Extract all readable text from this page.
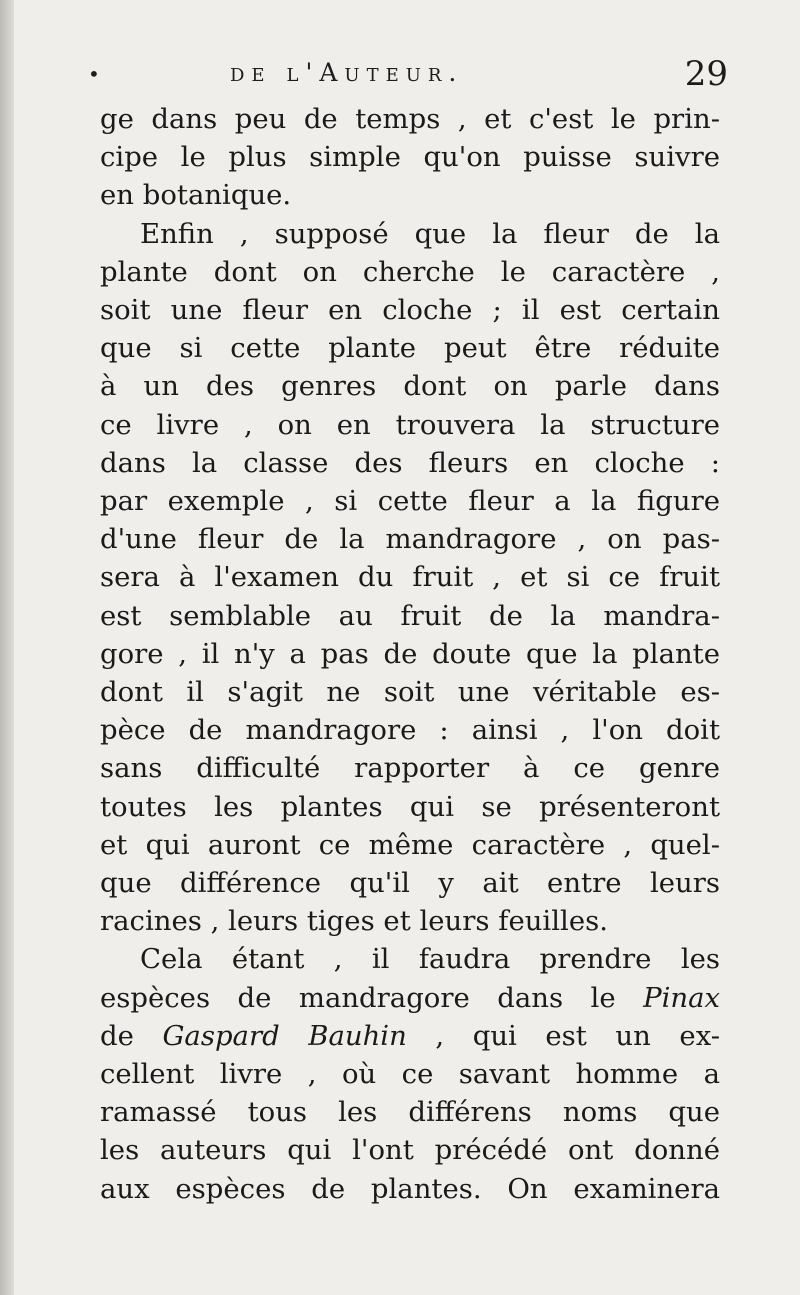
•	de l'Auteur.	29
ge dans peu de temps , et c'est le prin-
cipe le plus simple qu'on puisse suivre
en botanique.
Enfin , supposé que la fleur de la
plante dont on cherche le caractère ,
soit une fleur en cloche ; il est certain
que si cette plante peut être réduite
à un des genres dont on parle dans
ce livre , on en trouvera la structure
dans la classe des fleurs en cloche :
par exemple , si cette fleur a la figure
d'une fleur de la mandragore , on pas-
sera à l'examen du fruit , et si ce fruit
est semblable au fruit de la mandra-
gore , il n'y a pas de doute que la plante
dont il s'agit ne soit une véritable es-
pèce de mandragore : ainsi , l'on doit
sans difficulté rapporter à ce genre
toutes les plantes qui se présenteront
et qui auront ce même caractère , quel-
que différence qu'il y ait entre leurs
racines , leurs tiges et leurs feuilles.
Cela étant , il faudra prendre les
espèces de mandragore dans le Pinax
de Gaspard Bauhin , qui est un ex-
cellent livre , où ce savant homme a
ramassé tous les différens noms que
les auteurs qui l'ont précédé ont donné
aux espèces de plantes. On examinera
